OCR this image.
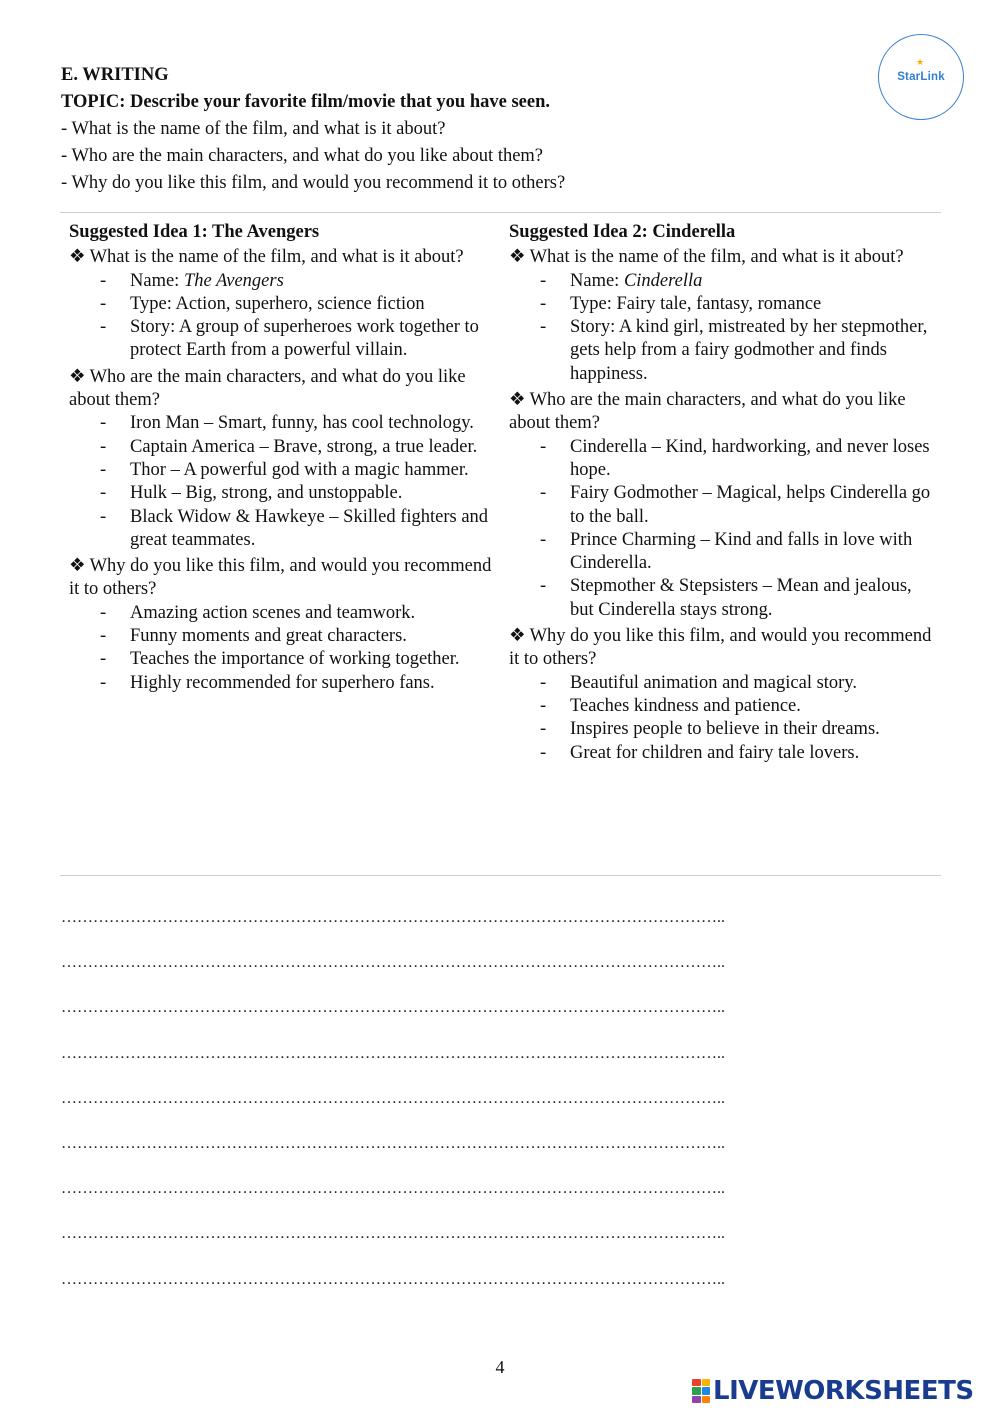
E. WRITING
TOPIC: Describe your favorite film/movie that you have seen.
- What is the name of the film, and what is it about?
- Who are the main characters, and what do you like about them?
- Why do you like this film, and would you recommend it to others?
StarLink
★
Suggested Idea 1: The Avengers
❖ What is the name of the film, and what is it about?
- Name: The Avengers
- Type: Action, superhero, science fiction
- Story: A group of superheroes work together to protect Earth from a powerful villain.
❖ Who are the main characters, and what do you like about them?
- Iron Man – Smart, funny, has cool technology.
- Captain America – Brave, strong, a true leader.
- Thor – A powerful god with a magic hammer.
- Hulk – Big, strong, and unstoppable.
- Black Widow & Hawkeye – Skilled fighters and great teammates.
❖ Why do you like this film, and would you recommend it to others?
- Amazing action scenes and teamwork.
- Funny moments and great characters.
- Teaches the importance of working together.
- Highly recommended for superhero fans.
Suggested Idea 2: Cinderella
❖ What is the name of the film, and what is it about?
- Name: Cinderella
- Type: Fairy tale, fantasy, romance
- Story: A kind girl, mistreated by her stepmother, gets help from a fairy godmother and finds happiness.
❖ Who are the main characters, and what do you like about them?
- Cinderella – Kind, hardworking, and never loses hope.
- Fairy Godmother – Magical, helps Cinderella go to the ball.
- Prince Charming – Kind and falls in love with Cinderella.
- Stepmother & Stepsisters – Mean and jealous, but Cinderella stays strong.
❖ Why do you like this film, and would you recommend it to others?
- Beautiful animation and magical story.
- Teaches kindness and patience.
- Inspires people to believe in their dreams.
- Great for children and fairy tale lovers.
……………………………………………………………………………………………………………..
……………………………………………………………………………………………………………..
……………………………………………………………………………………………………………..
……………………………………………………………………………………………………………..
……………………………………………………………………………………………………………..
……………………………………………………………………………………………………………..
……………………………………………………………………………………………………………..
……………………………………………………………………………………………………………..
……………………………………………………………………………………………………………..
4
LIVEWORKSHEETS
